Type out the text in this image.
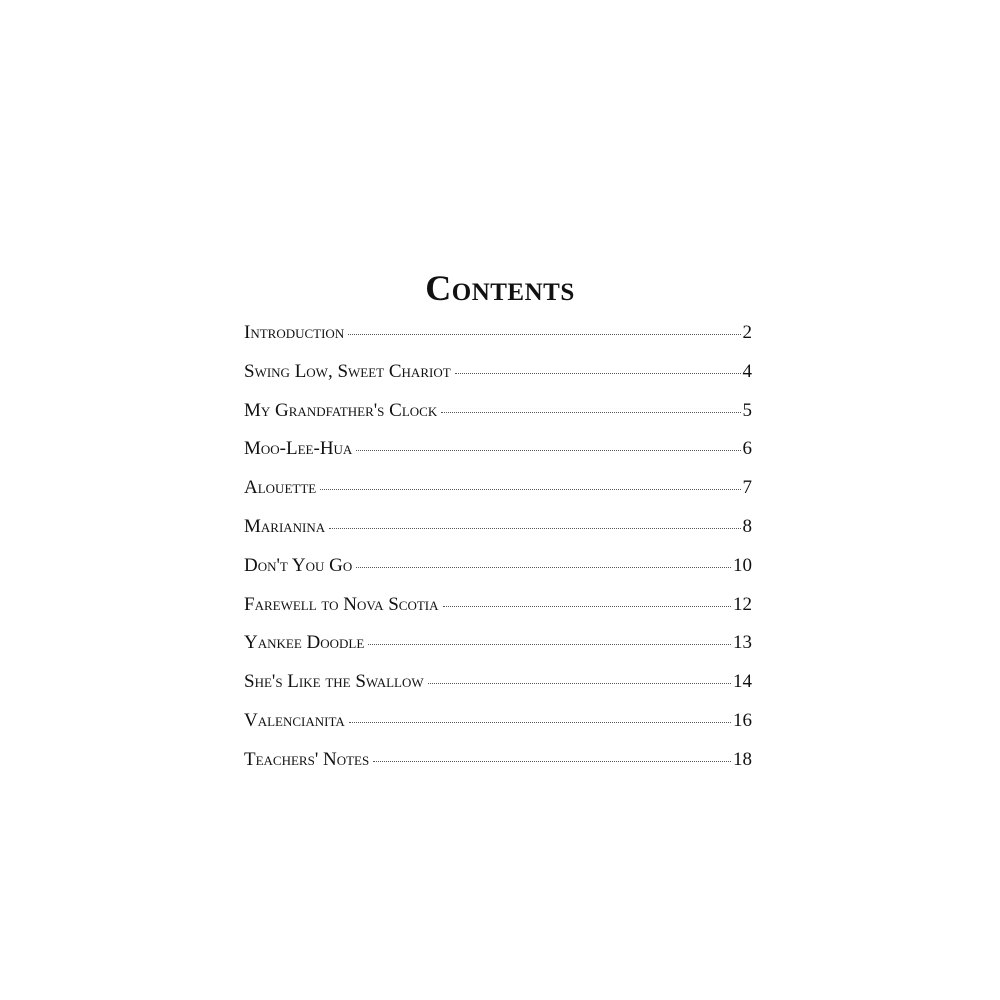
Contents
Introduction	2
Swing Low, Sweet Chariot	4
My Grandfather's Clock	5
Moo-Lee-Hua	6
Alouette	7
Marianina	8
Don't You Go	10
Farewell to Nova Scotia	12
Yankee Doodle	13
She's Like the Swallow	14
Valencianita	16
Teachers' Notes	18
